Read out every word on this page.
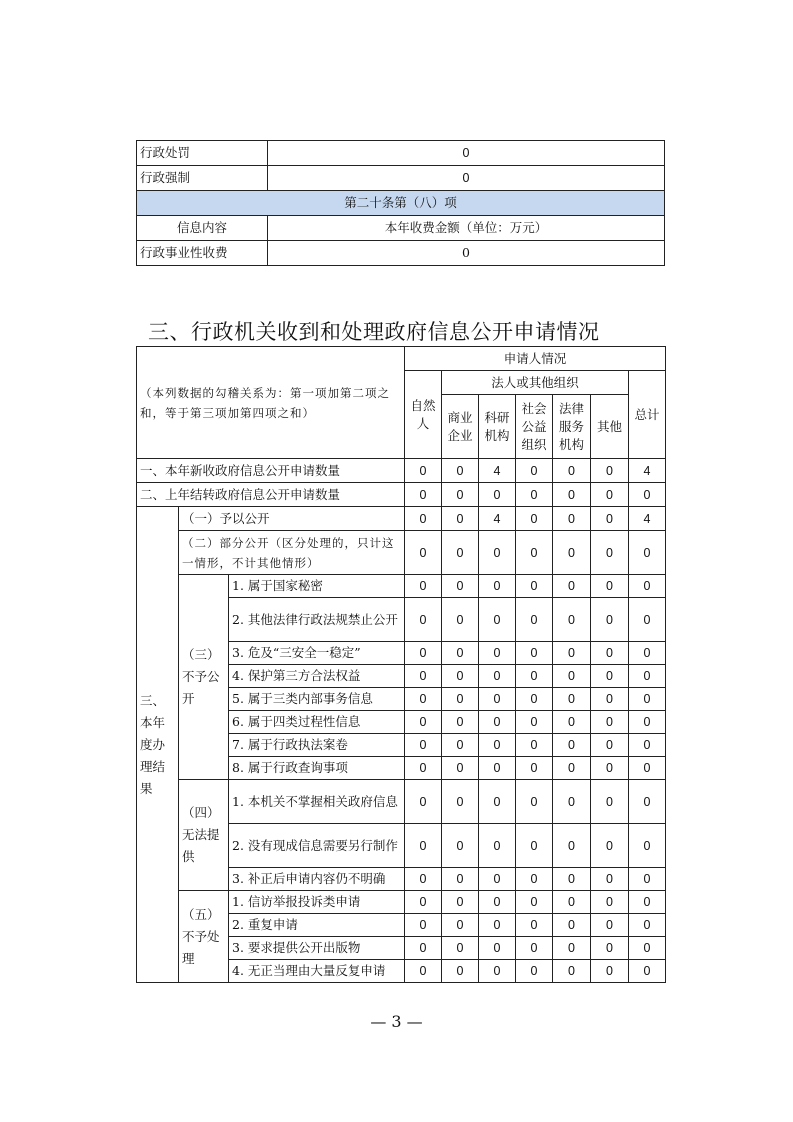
行政处罚	0
行政强制	0
第二十条第（八）项	
信息内容	本年收费金额（单位：万元）
行政事业性收费	0
三、行政机关收到和处理政府信息公开申请情况
（本列数据的勾稽关系为：第一项加第二项之和，等于第三项加第四项之和）			申请人情况						
			自然人	法人或其他组织					总计
				商业企业	科研机构	社会公益组织	法律服务机构	其他	
一、本年新收政府信息公开申请数量			0	0	4	0	0	0	4
二、上年结转政府信息公开申请数量			0	0	0	0	0	0	0
三、本年度办理结果	（一）予以公开		0	0	4	0	0	0	4
	（二）部分公开（区分处理的，只计这一情形，不计其他情形）		0	0	0	0	0	0	0
	（三）不予公开	1. 属于国家秘密	0	0	0	0	0	0	0
		2. 其他法律行政法规禁止公开	0	0	0	0	0	0	0
		3. 危及“三安全一稳定”	0	0	0	0	0	0	0
		4. 保护第三方合法权益	0	0	0	0	0	0	0
		5. 属于三类内部事务信息	0	0	0	0	0	0	0
		6. 属于四类过程性信息	0	0	0	0	0	0	0
		7. 属于行政执法案卷	0	0	0	0	0	0	0
		8. 属于行政查询事项	0	0	0	0	0	0	0
	（四）无法提供	1. 本机关不掌握相关政府信息	0	0	0	0	0	0	0
		2. 没有现成信息需要另行制作	0	0	0	0	0	0	0
		3. 补正后申请内容仍不明确	0	0	0	0	0	0	0
	（五）不予处理	1. 信访举报投诉类申请	0	0	0	0	0	0	0
		2. 重复申请	0	0	0	0	0	0	0
		3. 要求提供公开出版物	0	0	0	0	0	0	0
		4. 无正当理由大量反复申请	0	0	0	0	0	0	0
— 3 —
